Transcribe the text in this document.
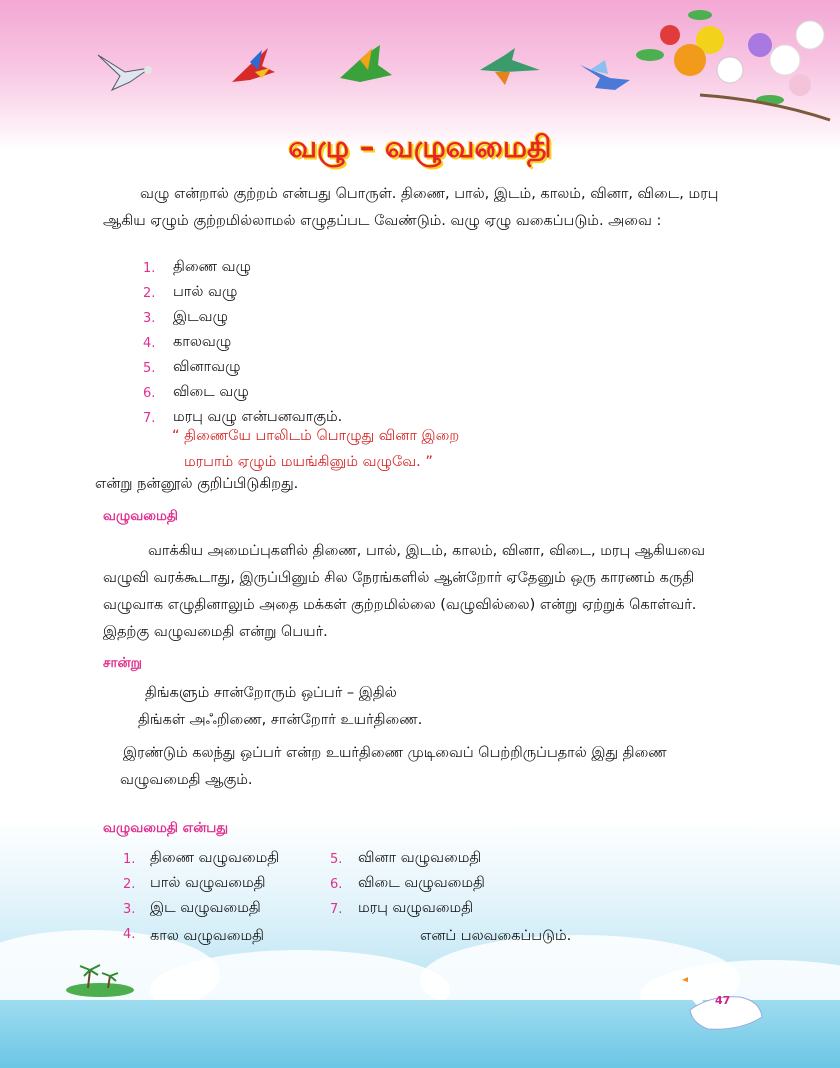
வழு – வழுவமைதி
வழு என்றால் குற்றம் என்பது பொருள். திணை, பால், இடம், காலம், வினா, விடை, மரபு
ஆகிய ஏழும் குற்றமில்லாமல் எழுதப்பட வேண்டும். வழு ஏழு வகைப்படும். அவை :
1. திணை வழு
2. பால் வழு
3. இடவழு
4. காலவழு
5. வினாவழு
6. விடை வழு
7. மரபு வழு என்பனவாகும்.
“ திணையே பாலிடம் பொழுது வினா இறை
மரபாம் ஏழும் மயங்கினும் வழுவே. ”
என்று நன்னூல் குறிப்பிடுகிறது.
வழுவமைதி
வாக்கிய அமைப்புகளில் திணை, பால், இடம், காலம், வினா, விடை, மரபு ஆகியவை
வழுவி வரக்கூடாது, இருப்பினும் சில நேரங்களில் ஆன்றோர் ஏதேனும் ஒரு காரணம் கருதி
வழுவாக எழுதினாலும் அதை மக்கள் குற்றமில்லை (வழுவில்லை) என்று ஏற்றுக் கொள்வர்.
இதற்கு வழுவமைதி என்று பெயர்.
சான்று
திங்களும் சான்றோரும் ஒப்பர் – இதில்
திங்கள் அஃறிணை, சான்றோர் உயர்திணை.
இரண்டும் கலந்து ஒப்பர் என்ற உயர்திணை முடிவைப் பெற்றிருப்பதால் இது திணை
வழுவமைதி ஆகும்.
வழுவமைதி என்பது
1. திணை வழுவமைதி
2. பால் வழுவமைதி
3. இட வழுவமைதி
4. கால வழுவமைதி
5. வினா வழுவமைதி
6. விடை வழுவமைதி
7. மரபு வழுவமைதி
எனப் பலவகைப்படும்.
47
